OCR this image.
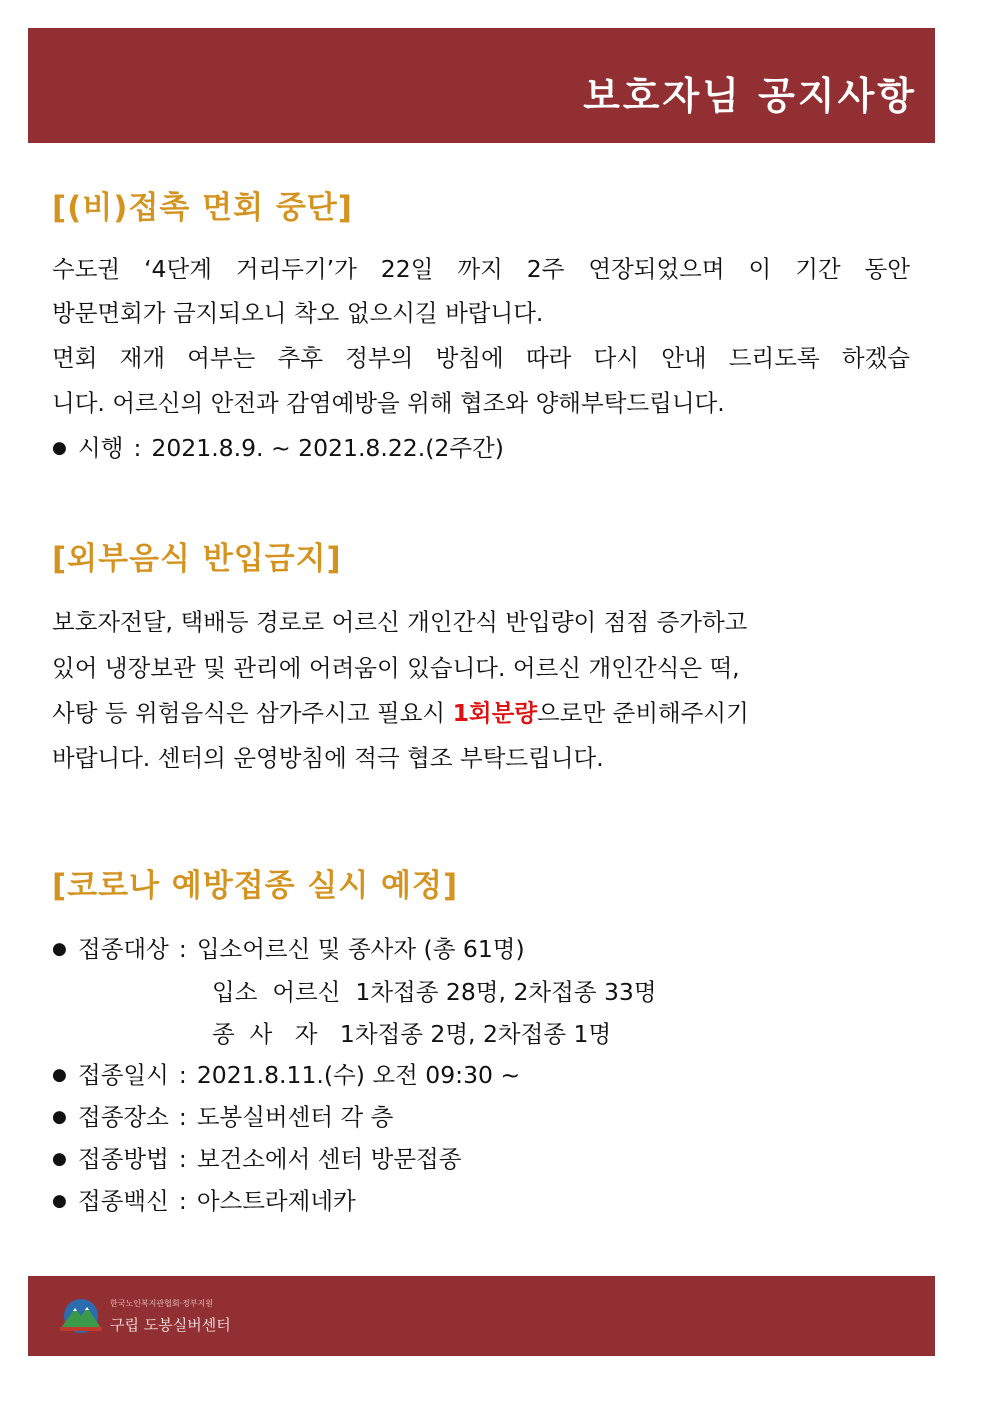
보호자님 공지사항
[(비)접촉 면회 중단]
수도권 ‘4단계 거리두기’가 22일 까지 2주 연장되었으며 이 기간 동안
방문면회가 금지되오니 착오 없으시길 바랍니다.
면회 재개 여부는 추후 정부의 방침에 따라 다시 안내 드리도록 하겠습
니다. 어르신의 안전과 감염예방을 위해 협조와 양해부탁드립니다.
● 시행 : 2021.8.9. ~ 2021.8.22.(2주간)
[외부음식 반입금지]
보호자전달, 택배등 경로로 어르신 개인간식 반입량이 점점 증가하고
있어 냉장보관 및 관리에 어려움이 있습니다. 어르신 개인간식은 떡,
사탕 등 위험음식은 삼가주시고 필요시 1회분량으로만 준비해주시기
바랍니다. 센터의 운영방침에 적극 협조 부탁드립니다.
[코로나 예방접종 실시 예정]
● 접종대상 : 입소어르신 및 종사자 (총 61명)
입소  어르신  1차접종 28명, 2차접종 33명
종  사   자   1차접종 2명, 2차접종 1명
● 접종일시 : 2021.8.11.(수) 오전 09:30 ~
● 접종장소 : 도봉실버센터 각 층
● 접종방법 : 보건소에서 센터 방문접종
● 접종백신 : 아스트라제네카
한국노인복지관협회·정부지원
구립 도봉실버센터
